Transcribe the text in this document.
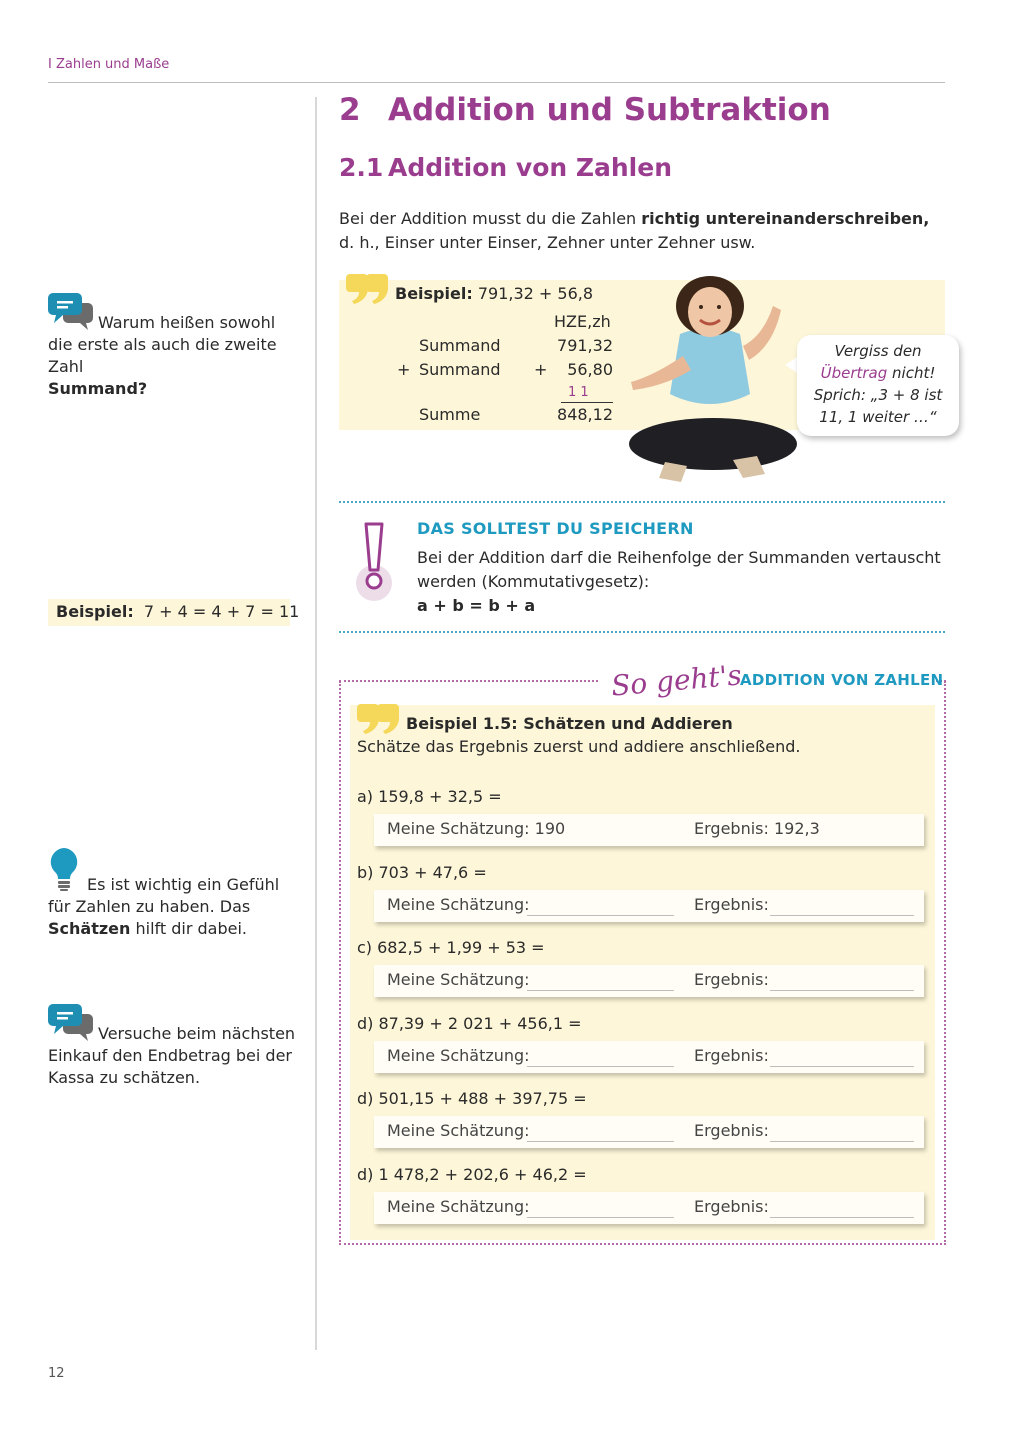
I Zahlen und Maße
12
2 Addition und Subtraktion
2.1 Addition von Zahlen
Bei der Addition musst du die Zahlen richtig untereinanderschreiben, d. h., Einser unter Einser, Zehner unter Zehner usw.
Beispiel: 791,32 + 56,8
HZE,zh
Summand	791,32
+ Summand +	56,80
1 1
Summe	848,12
Vergiss den
Übertrag nicht!
Sprich: „3 + 8 ist
11, 1 weiter …“
DAS SOLLTEST DU SPEICHERN
Bei der Addition darf die Reihenfolge der Summanden vertauscht werden (Kommutativgesetz):
a + b = b + a
So geht's
ADDITION VON ZAHLEN
Beispiel 1.5: Schätzen und Addieren
Schätze das Ergebnis zuerst und addiere anschließend.
a) 159,8 + 32,5 =
Meine Schätzung: 190	Ergebnis: 192,3
b) 703 + 47,6 =
Meine Schätzung:	Ergebnis:
c) 682,5 + 1,99 + 53 =
Meine Schätzung:	Ergebnis:
d) 87,39 + 2 021 + 456,1 =
Meine Schätzung:	Ergebnis:
d) 501,15 + 488 + 397,75 =
Meine Schätzung:	Ergebnis:
d) 1 478,2 + 202,6 + 46,2 =
Meine Schätzung:	Ergebnis:
Warum heißen sowohl die erste als auch die zweite Zahl
Summand?
Beispiel: 7 + 4 = 4 + 7 = 11
Es ist wichtig ein Gefühl für Zahlen zu haben. Das Schätzen hilft dir dabei.
Versuche beim nächsten Einkauf den Endbetrag bei der Kassa zu schätzen.
